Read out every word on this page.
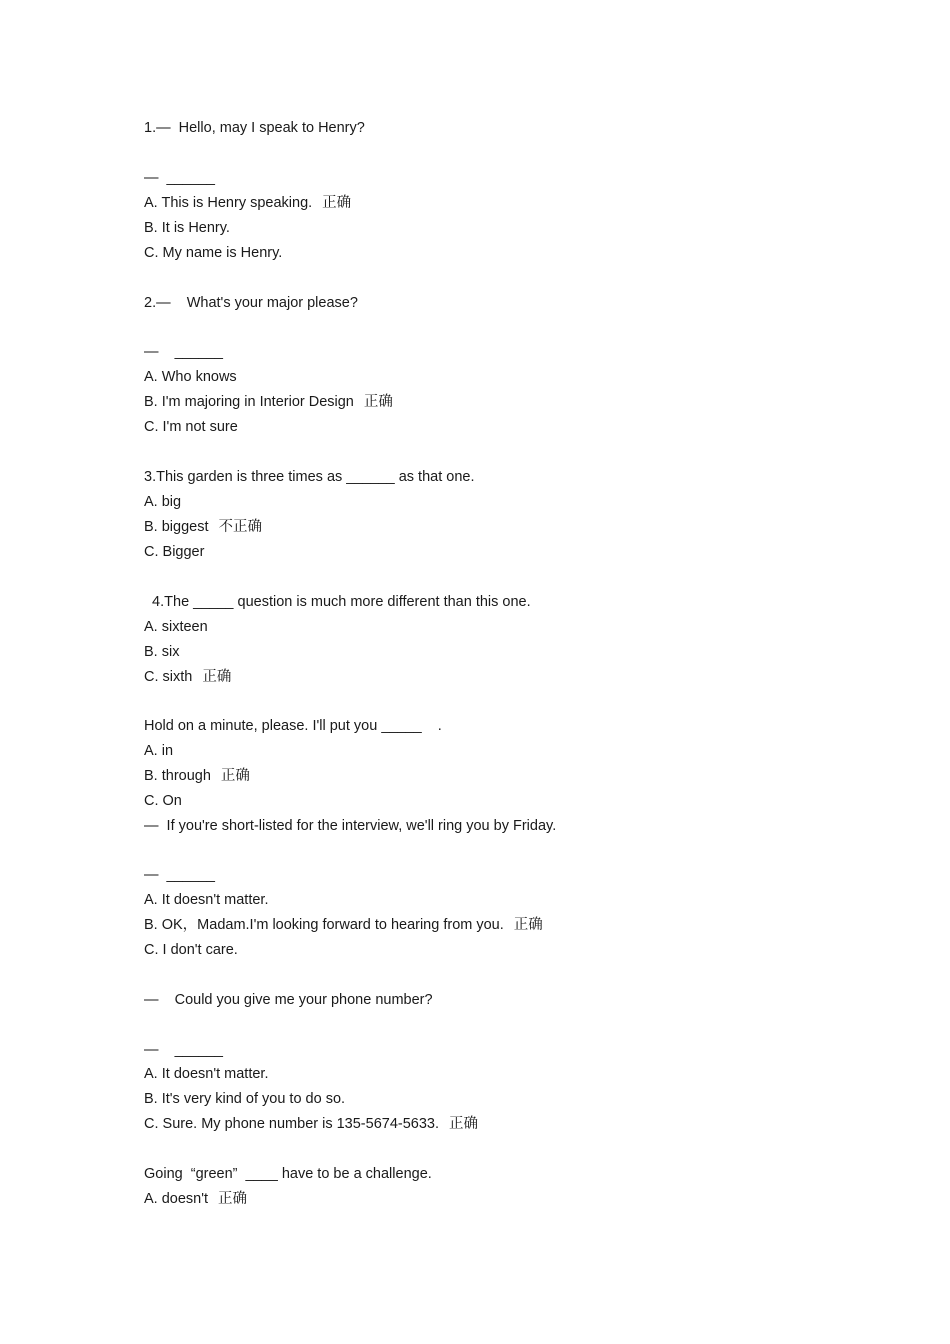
1.—  Hello, may I speak to Henry?
—  ______
A. This is Henry speaking. 正确
B. It is Henry.
C. My name is Henry.
2.—    What's your major please?
—    ______
A. Who knows
B. I'm majoring in Interior Design 正确
C. I'm not sure
3.This garden is three times as ______ as that one.
A. big
B. biggest 不正确
C. Bigger
4.The _____ question is much more different than this one.
A. sixteen
B. six
C. sixth 正确
Hold on a minute, please. I'll put you _____    .
A. in
B. through 正确
C. On
—  If you're short-listed for the interview, we'll ring you by Friday.
—  ______
A. It doesn't matter.
B. OK，Madam.I'm looking forward to hearing from you. 正确
C. I don't care.
—    Could you give me your phone number?
—    ______
A. It doesn't matter.
B. It's very kind of you to do so.
C. Sure. My phone number is 135-5674-5633. 正确
Going  “green”  ____ have to be a challenge.
A. doesn't 正确
